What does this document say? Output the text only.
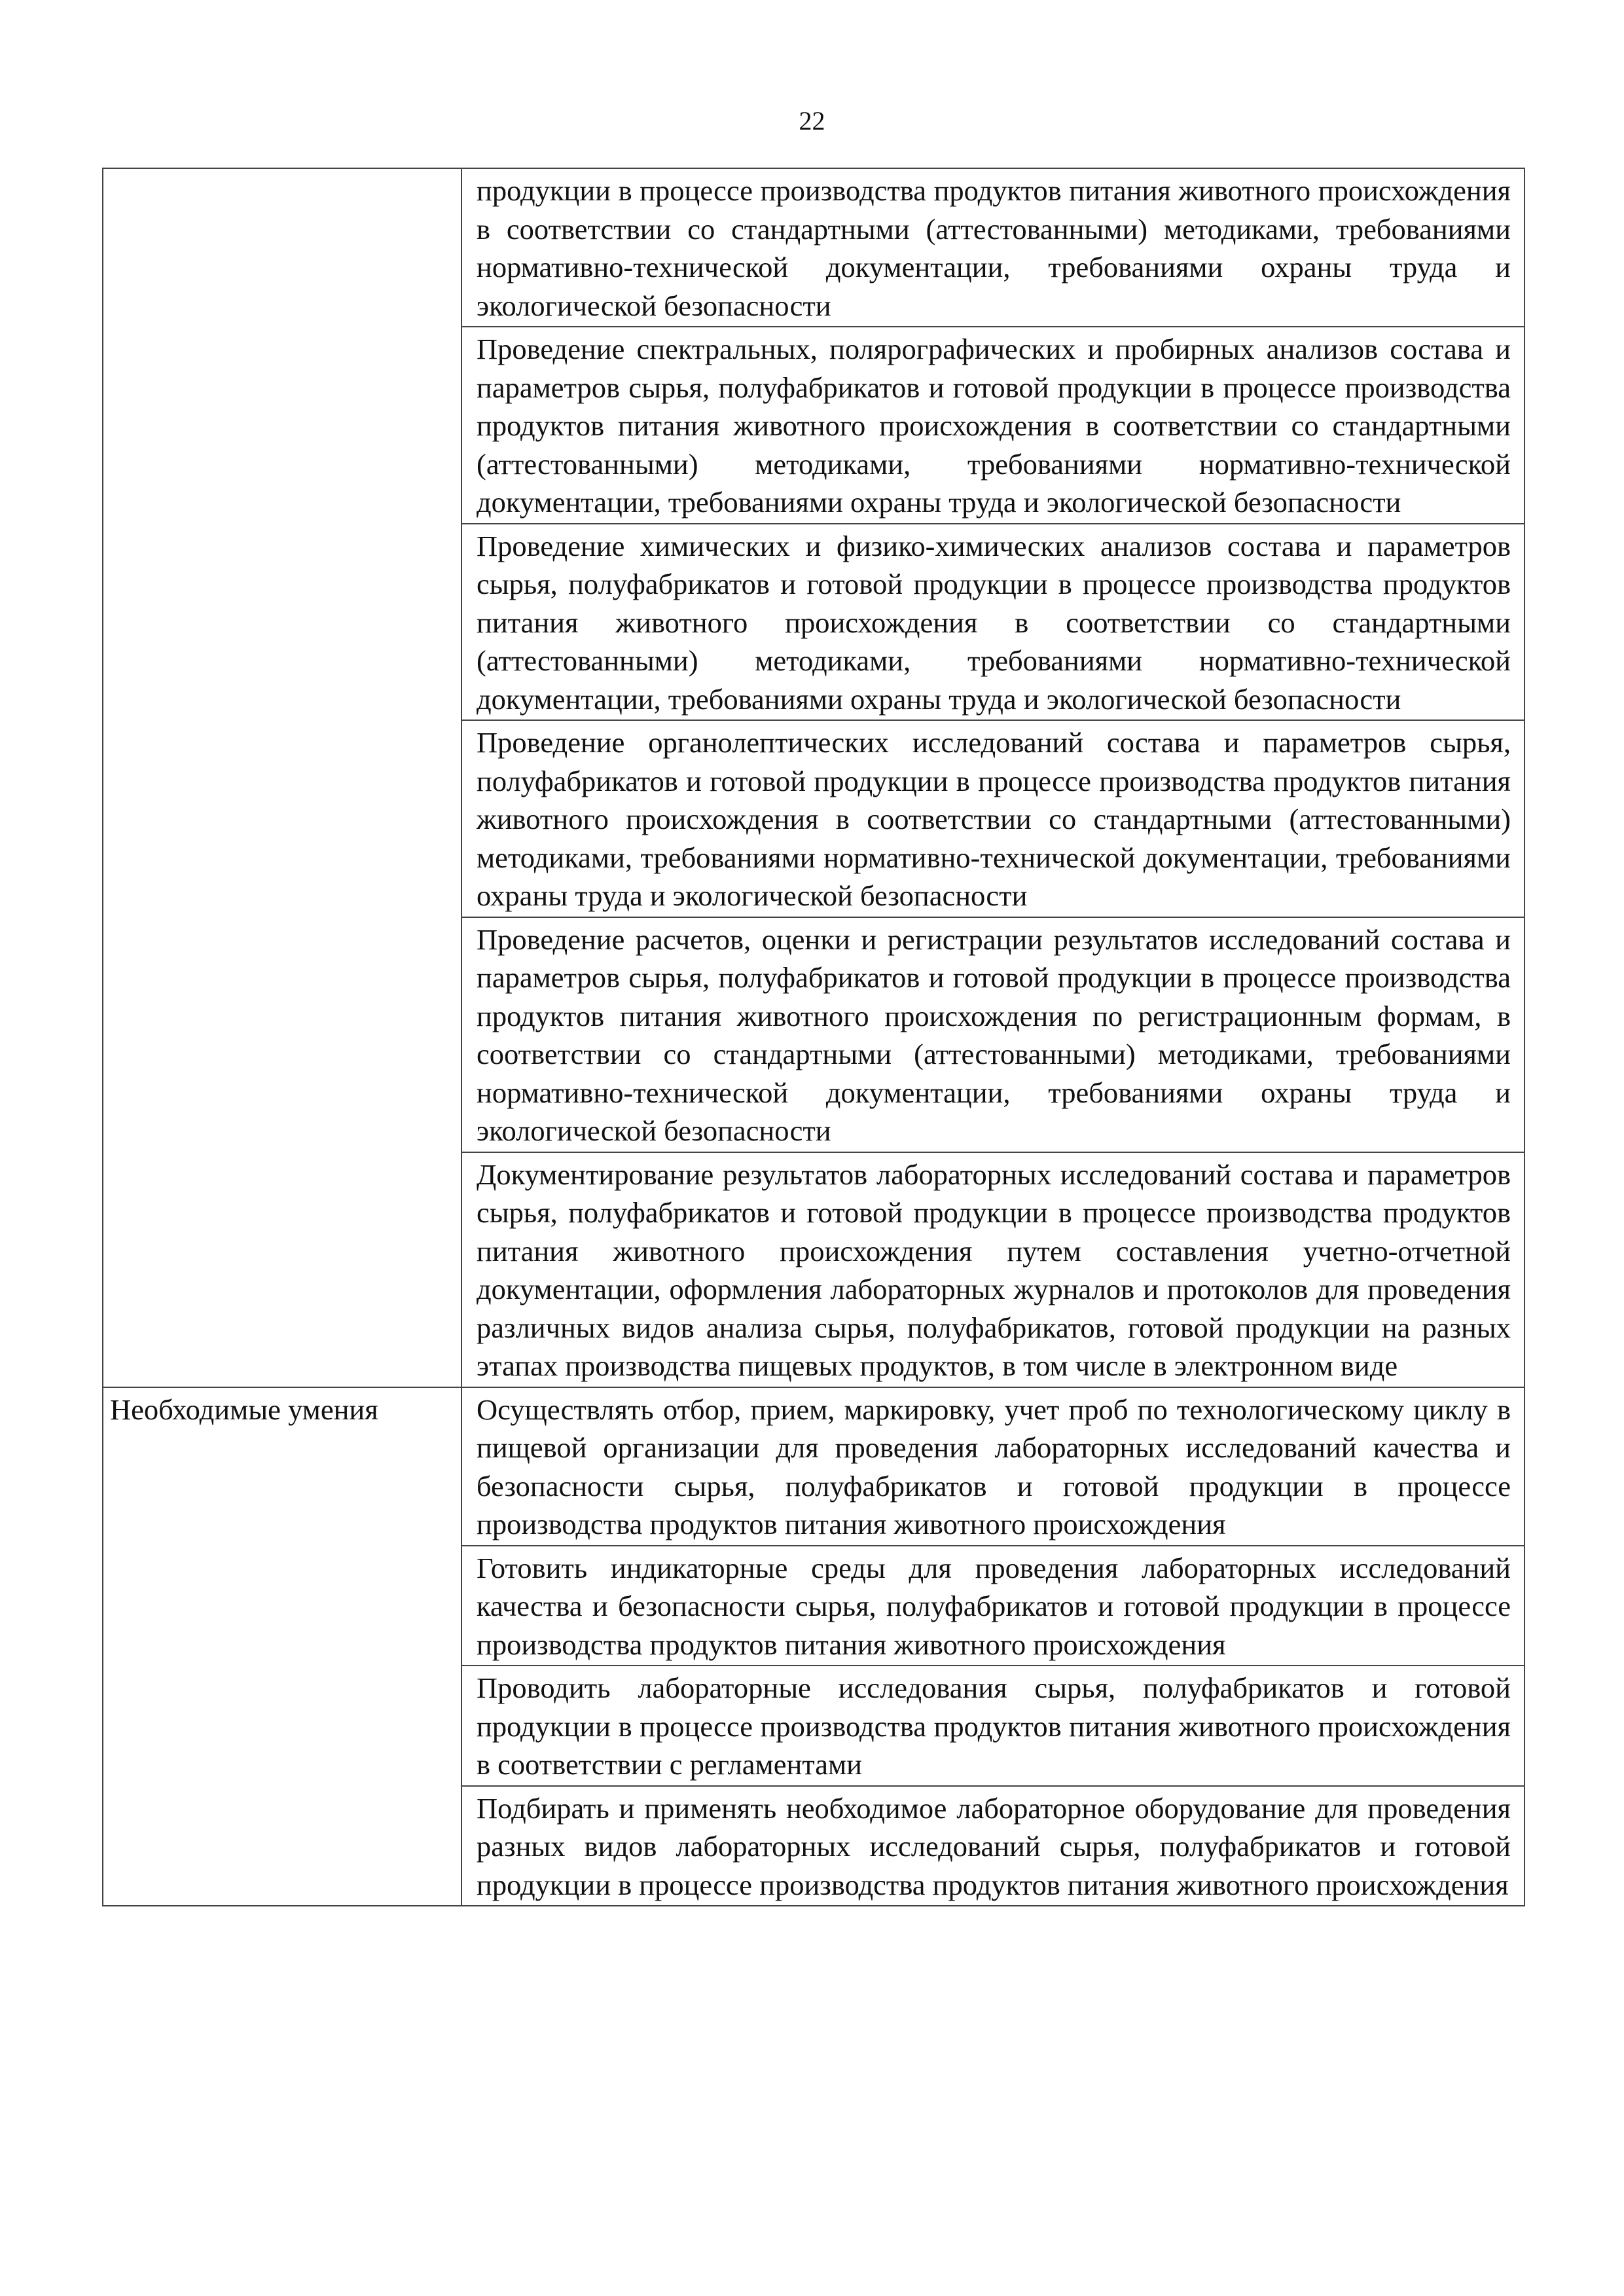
22
	продукции в процессе производства продуктов питания животного происхождения в соответствии со стандартными (аттестованными) методиками, требованиями нормативно-технической документации, требованиями охраны труда и экологической безопасности
	Проведение спектральных, полярографических и пробирных анализов состава и параметров сырья, полуфабрикатов и готовой продукции в процессе производства продуктов питания животного происхождения в соответствии со стандартными (аттестованными) методиками, требованиями нормативно-технической документации, требованиями охраны труда и экологической безопасности
	Проведение химических и физико-химических анализов состава и параметров сырья, полуфабрикатов и готовой продукции в процессе производства продуктов питания животного происхождения в соответствии со стандартными (аттестованными) методиками, требованиями нормативно-технической документации, требованиями охраны труда и экологической безопасности
	Проведение органолептических исследований состава и параметров сырья, полуфабрикатов и готовой продукции в процессе производства продуктов питания животного происхождения в соответствии со стандартными (аттестованными) методиками, требованиями нормативно-технической документации, требованиями охраны труда и экологической безопасности
	Проведение расчетов, оценки и регистрации результатов исследований состава и параметров сырья, полуфабрикатов и готовой продукции в процессе производства продуктов питания животного происхождения по регистрационным формам, в соответствии со стандартными (аттестованными) методиками, требованиями нормативно-технической документации, требованиями охраны труда и экологической безопасности
	Документирование результатов лабораторных исследований состава и параметров сырья, полуфабрикатов и готовой продукции в процессе производства продуктов питания животного происхождения путем составления учетно-отчетной документации, оформления лабораторных журналов и протоколов для проведения различных видов анализа сырья, полуфабрикатов, готовой продукции на разных этапах производства пищевых продуктов, в том числе в электронном виде
Необходимые умения	Осуществлять отбор, прием, маркировку, учет проб по технологическому циклу в пищевой организации для проведения лабораторных исследований качества и безопасности сырья, полуфабрикатов и готовой продукции в процессе производства продуктов питания животного происхождения
	Готовить индикаторные среды для проведения лабораторных исследований качества и безопасности сырья, полуфабрикатов и готовой продукции в процессе производства продуктов питания животного происхождения
	Проводить лабораторные исследования сырья, полуфабрикатов и готовой продукции в процессе производства продуктов питания животного происхождения в соответствии с регламентами
	Подбирать и применять необходимое лабораторное оборудование для проведения разных видов лабораторных исследований сырья, полуфабрикатов и готовой продукции в процессе производства продуктов питания животного происхождения
